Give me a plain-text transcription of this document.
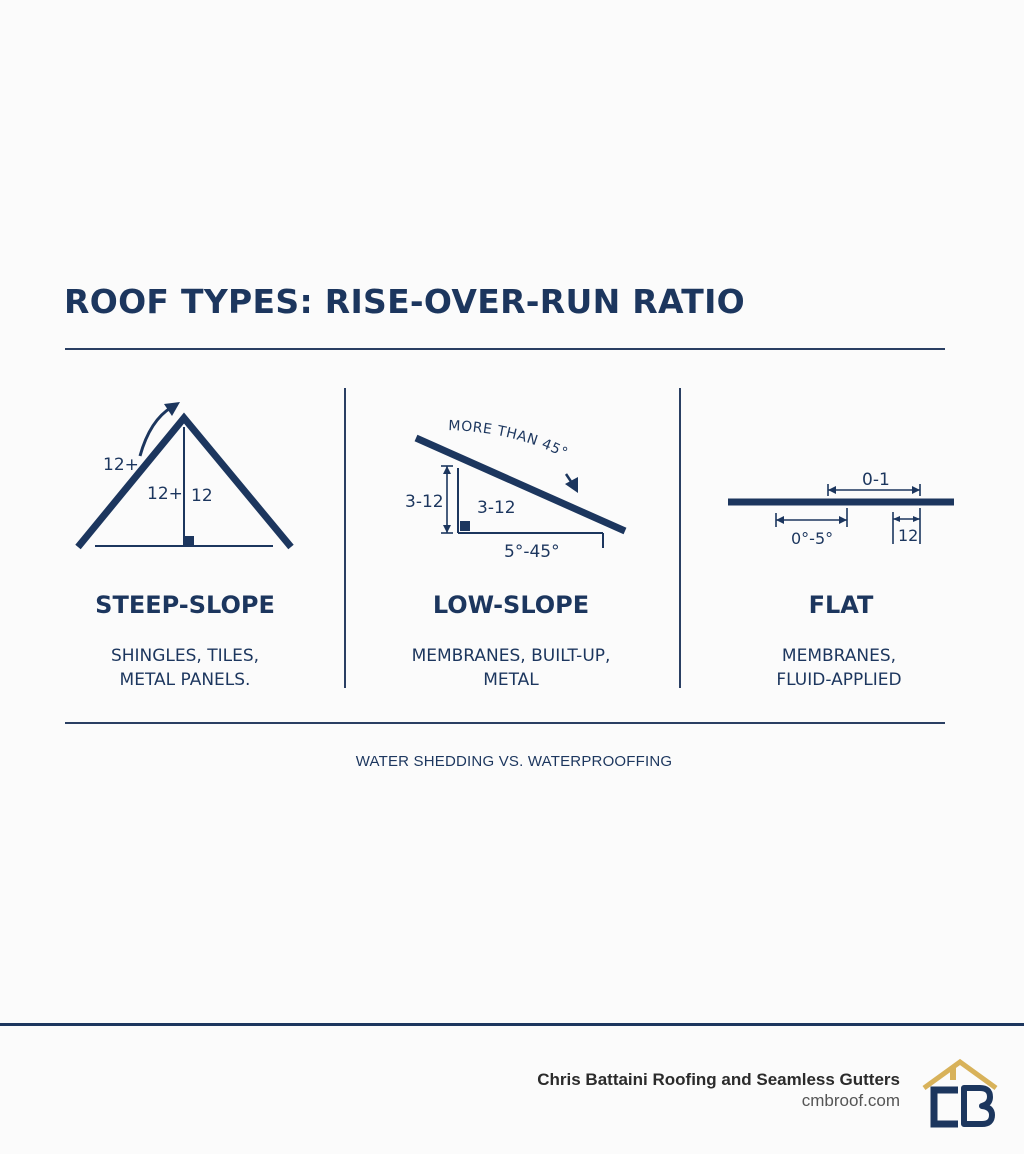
ROOF TYPES: RISE-OVER-RUN RATIO
12+
12+ 12
MORE THAN 45°
3-12 3-12
5°-45°
0-1
0°-5°	12
STEEP-SLOPE	LOW-SLOPE	FLAT
SHINGLES, TILES,
METAL PANELS.
MEMBRANES, BUILT-UP,
METAL
MEMBRANES,
FLUID-APPLIED
WATER SHEDDING VS. WATERPROOFFING
Chris Battaini Roofing and Seamless Gutters
cmbroof.com
